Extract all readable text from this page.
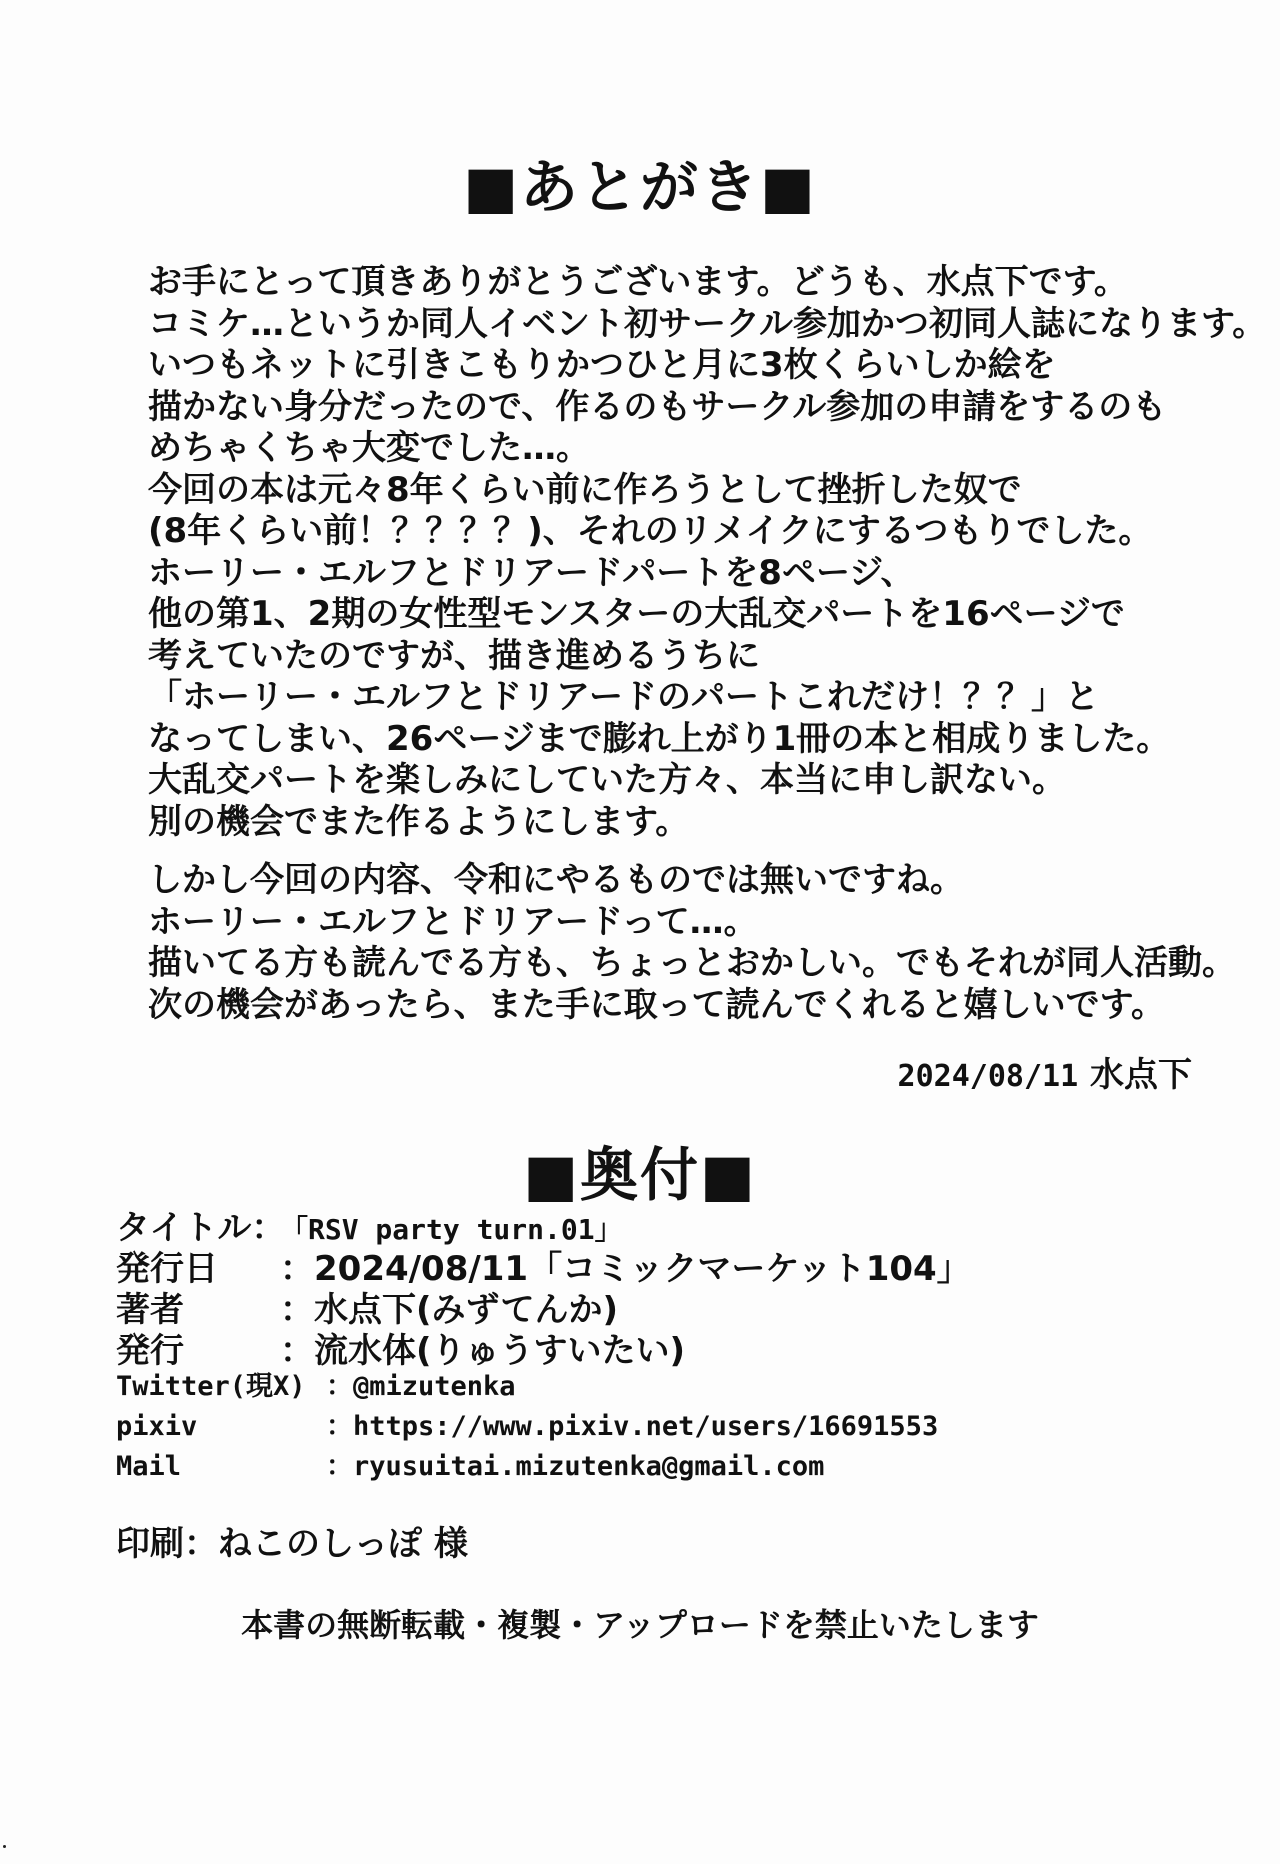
■あとがき■
お手にとって頂きありがとうございます。どうも、水点下です。
コミケ…というか同人イベント初サークル参加かつ初同人誌になります。
いつもネットに引きこもりかつひと月に3枚くらいしか絵を
描かない身分だったので、作るのもサークル参加の申請をするのも
めちゃくちゃ大変でした…。
今回の本は元々8年くらい前に作ろうとして挫折した奴で
(8年くらい前！？？？？)、それのリメイクにするつもりでした。
ホーリー・エルフとドリアードパートを8ページ、
他の第1、2期の女性型モンスターの大乱交パートを16ページで
考えていたのですが、描き進めるうちに
「ホーリー・エルフとドリアードのパートこれだけ！？？」と
なってしまい、26ページまで膨れ上がり1冊の本と相成りました。
大乱交パートを楽しみにしていた方々、本当に申し訳ない。
別の機会でまた作るようにします。
しかし今回の内容、令和にやるものでは無いですね。
ホーリー・エルフとドリアードって…。
描いてる方も読んでる方も、ちょっとおかしい。でもそれが同人活動。
次の機会があったら、また手に取って読んでくれると嬉しいです。
2024/08/11 水点下
■奥付■
タイトル：
「RSV party turn.01」
発行日	：2024/08/11「コミックマーケット104」
著者	：水点下(みずてんか)
発行	：流水体(りゅうすいたい)
Twitter(現X) ：@mizutenka
pixiv	：https://www.pixiv.net/users/16691553
Mail	：ryusuitai.mizutenka@gmail.com
印刷：ねこのしっぽ 様
本書の無断転載・複製・アップロードを禁止いたします
